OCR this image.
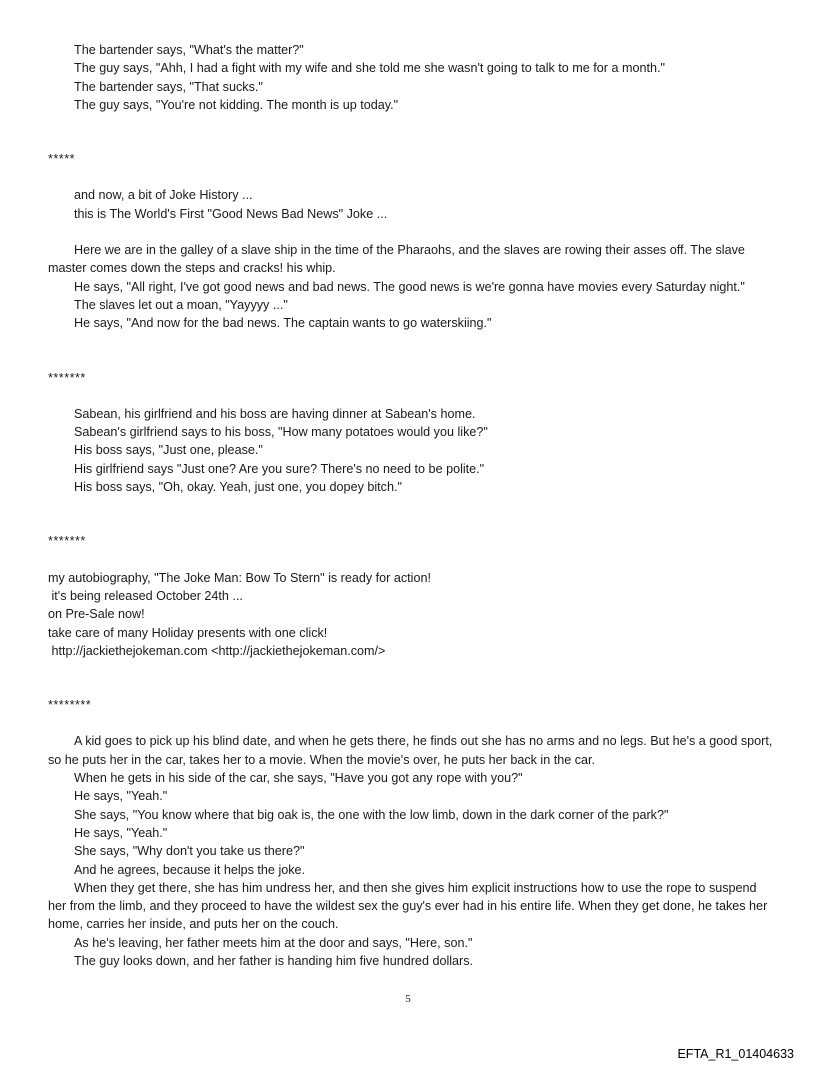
The bartender says, "What's the matter?"

The guy says, "Ahh, I had a fight with my wife and she told me she wasn't going to talk to me for a month."

The bartender says, "That sucks."

The guy says, "You're not kidding. The month is up today."

*****

and now, a bit of Joke History ...

this is The World's First "Good News Bad News" Joke ...

Here we are in the galley of a slave ship in the time of the Pharaohs, and the slaves are rowing their asses off. The slave master comes down the steps and cracks! his whip.

He says, "All right, I've got good news and bad news. The good news is we're gonna have movies every Saturday night."

The slaves let out a moan, "Yayyyy ..."

He says, "And now for the bad news. The captain wants to go waterskiing."

*******

Sabean, his girlfriend and his boss are having dinner at Sabean's home.

Sabean's girlfriend says to his boss, "How many potatoes would you like?"

His boss says, "Just one, please."

His girlfriend says "Just one? Are you sure? There's no need to be polite."

His boss says, "Oh, okay. Yeah, just one, you dopey bitch."

*******

my autobiography, "The Joke Man: Bow To Stern" is ready for action!

it's being released October 24th ...

on Pre-Sale now!

take care of many Holiday presents with one click!

http://jackiethejokeman.com <http://jackiethejokeman.com/>

********

A kid goes to pick up his blind date, and when he gets there, he finds out she has no arms and no legs. But he's a good sport, so he puts her in the car, takes her to a movie. When the movie's over, he puts her back in the car.

When he gets in his side of the car, she says, "Have you got any rope with you?"

He says, "Yeah."

She says, "You know where that big oak is, the one with the low limb, down in the dark corner of the park?"

He says, "Yeah."

She says, "Why don't you take us there?"

And he agrees, because it helps the joke.

When they get there, she has him undress her, and then she gives him explicit instructions how to use the rope to suspend her from the limb, and they proceed to have the wildest sex the guy's ever had in his entire life. When they get done, he takes her home, carries her inside, and puts her on the couch.

As he's leaving, her father meets him at the door and says, "Here, son."

The guy looks down, and her father is handing him five hundred dollars.

5
EFTA_R1_01404633
